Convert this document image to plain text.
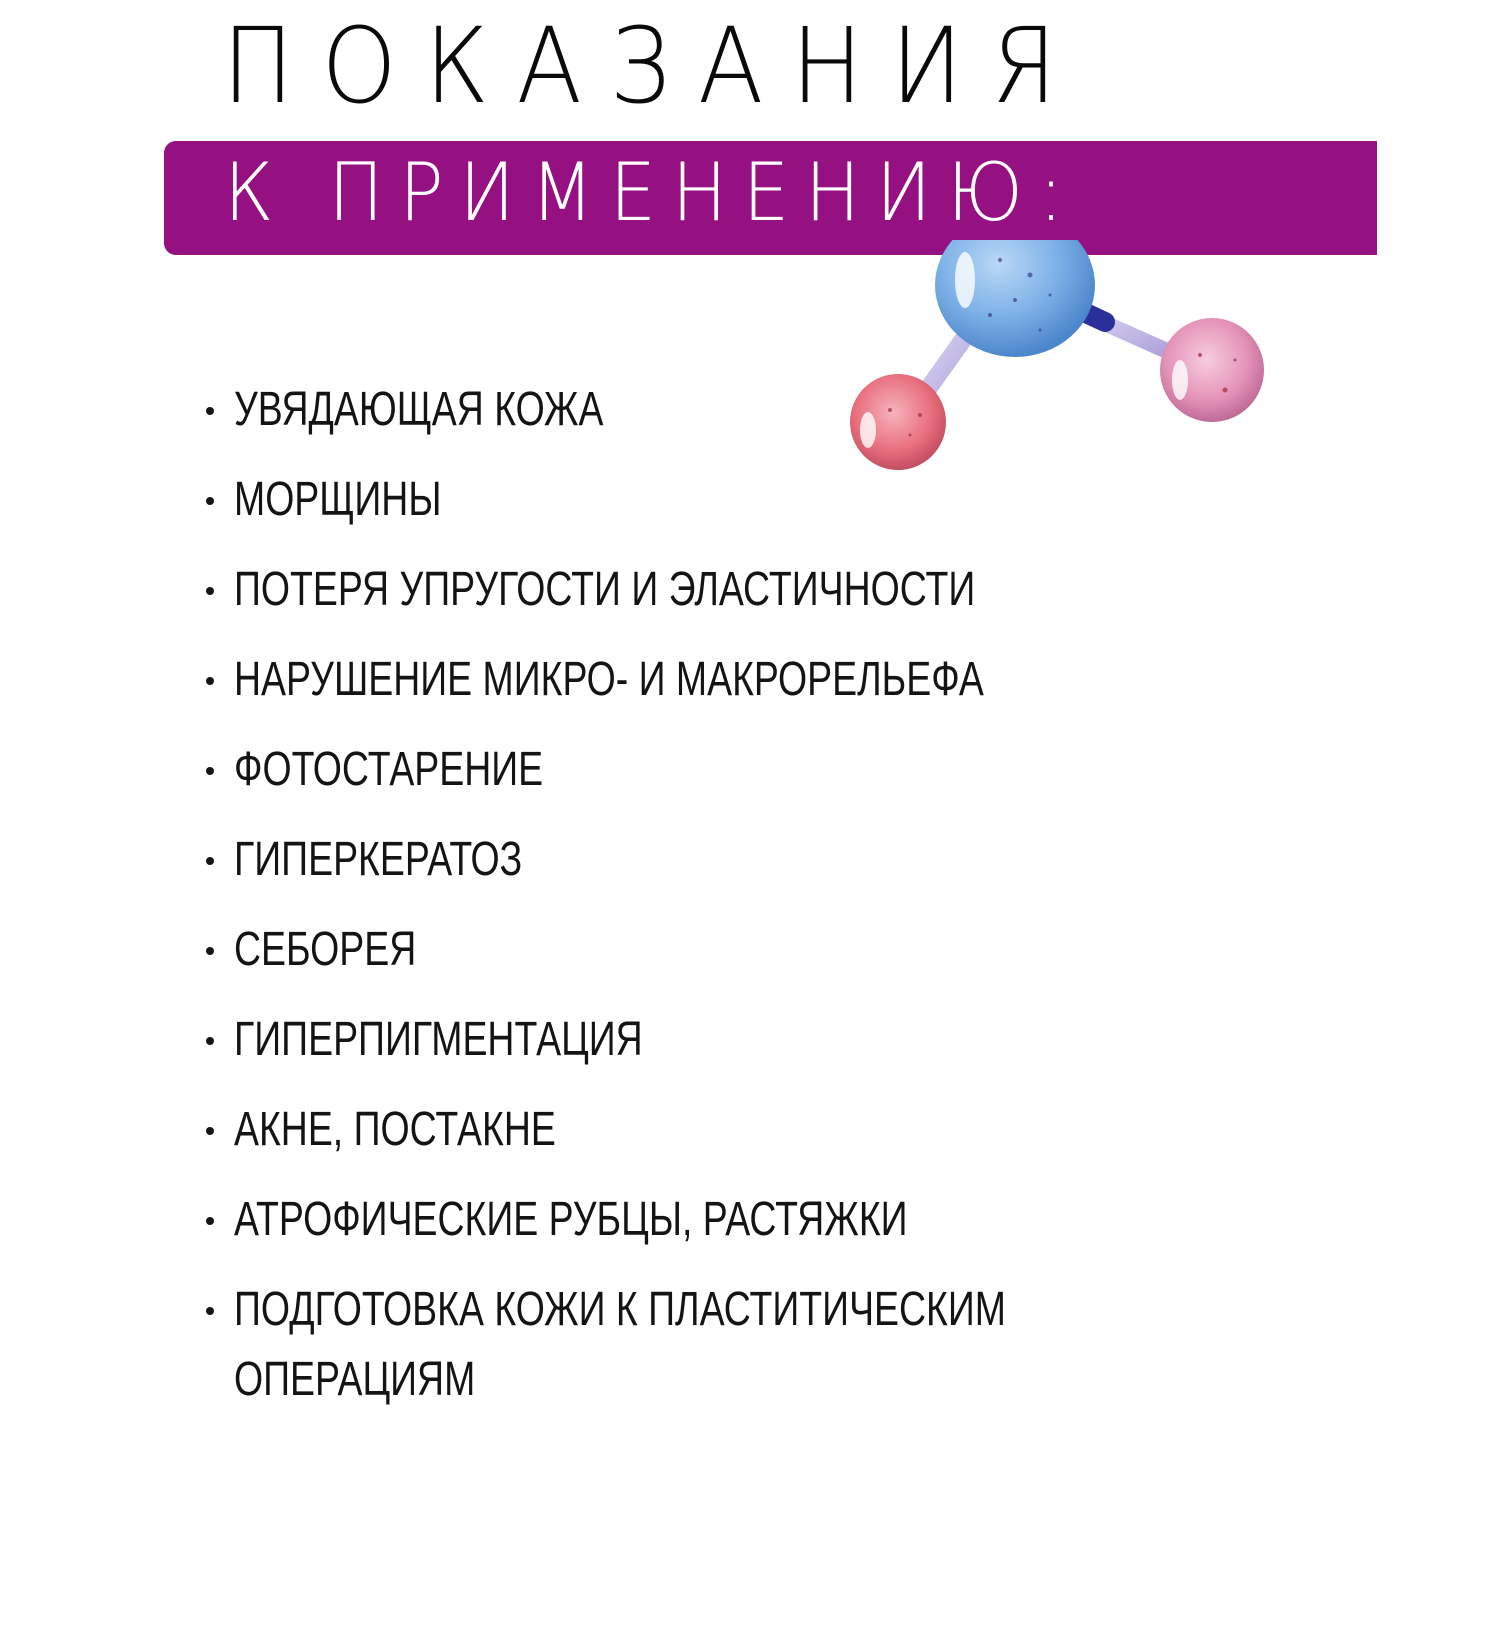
ПОКАЗАНИЯ
К ПРИМЕНЕНИЮ:
УВЯДАЮЩАЯ КОЖА
МОРЩИНЫ
ПОТЕРЯ УПРУГОСТИ И ЭЛАСТИЧНОСТИ
НАРУШЕНИЕ МИКРО- И МАКРОРЕЛЬЕФА
ФОТОСТАРЕНИЕ
ГИПЕРКЕРАТОЗ
СЕБОРЕЯ
ГИПЕРПИГМЕНТАЦИЯ
АКНЕ, ПОСТАКНЕ
АТРОФИЧЕСКИЕ РУБЦЫ, РАСТЯЖКИ
ПОДГОТОВКА КОЖИ К ПЛАСТИТИЧЕСКИМ
ОПЕРАЦИЯМ
